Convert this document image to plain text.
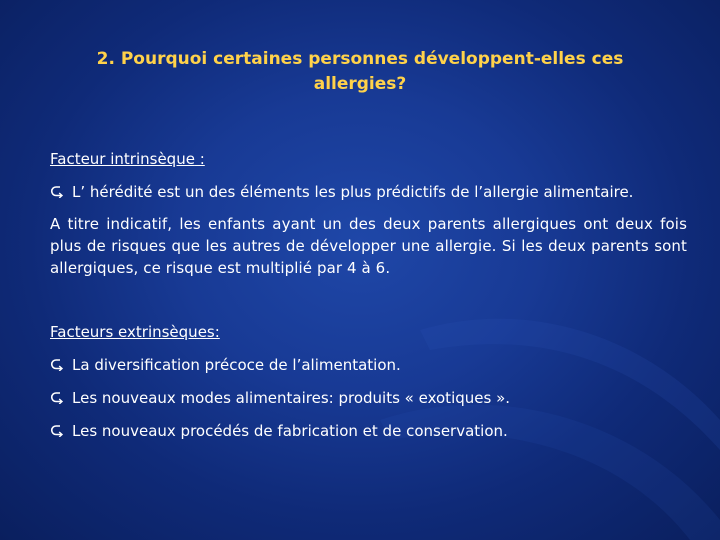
2. Pourquoi certaines personnes développent-elles ces allergies?

Facteur intrinsèque :

L’ hérédité est un des éléments les plus prédictifs de l’allergie alimentaire.

A titre indicatif, les enfants ayant un des deux parents allergiques ont deux fois plus de risques que les autres de développer une allergie. Si les deux parents sont allergiques, ce risque est multiplié par 4 à 6.

Facteurs extrinsèques:

La diversification précoce de l’alimentation.

Les nouveaux modes alimentaires: produits « exotiques ».

Les nouveaux procédés de fabrication et de conservation.
